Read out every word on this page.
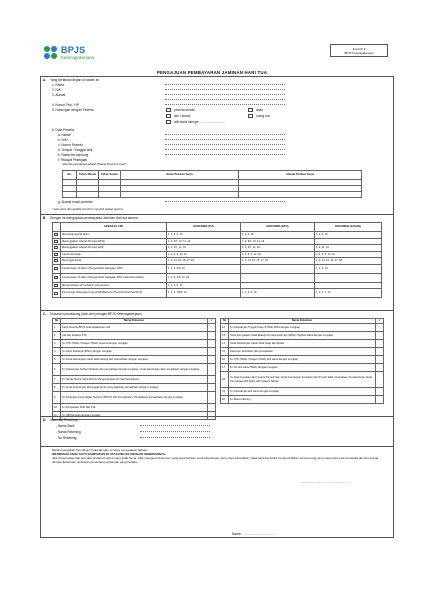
BPJS
Ketenagakerjaan
Formulir 5
BPJS Ketenagakerjaan
PENGAJUAN PEMBAYARAN JAMINAN HARI TUA
A. Yang bertanda tangan di bawah ini
1. Nama
2. NIK
3. Alamat
4. Nomor Telp / HP
5. Hubungan dengan Peserta	peserta sendiri
istri / suami
ahli waris lainnya : ...........................
anak
orang tua
6. Data Peserta
a. Nama*
b. NIK*
c. Nomor Peserta
d. Tempat / Tanggal lahir
e. Nama ibu kandung
f. Riwayat Pekerjaan
(diisi bila perusahaan adalah Pekerja Penerima Upah)
No.	Tahun Masuk	Tahun Keluar	Nama Pemberi Kerja	Alamat Pemberi Kerja

g. Alamat email peserton
* Isian perlu diisi apabila pemohon merubah adalah peserta
B. Dengan ini mengajukan pembayaran Jaminan Hari tua karena :
	SEBAB KLAIM	DOKUMEN (PU)	DOKUMEN (BPU)	DOKUMEN (JAKON)

	Mencapai usia 56 tahun	1, 2, 3, 6, 10	1, 2, 3, 10	1, 2, 3, 10

	Meninggalkan wilayah RI (bagi WNA)	1, 2, 3/7, 10, 11, 16	1, 2, 3/7, 10, 11, 16	

	Meninggalkan wilayah RI (bagi WNI)	1, 2, 3/7, 11, 16	1, 2, 3/7, 11, 16	1, 2, 11, 16

	Cacat total tetap	1, 2, 3, 5, 12, 16	1, 2, 3, 5, 12, 16	1, 2, 3, 5, 12, 16

	Meninggal dunia	1, 3, 14, 15, 16, 17, 18	1, 3, 14, 15, 16, 17, 18	1, 3, 14, 15, 16, 17, 18

	Kepesertaan 10 tahun (Pengambilan Sebagian 10%)	1, 2, 3, 4/5, 10		1, 2, 3, 10

	Kepesertaan 10 tahun (Pengambilan Sebagian 30% untuk Perumahan)	1, 2, 3, 4/5, 13, 18		-

	Mengundurkan diri sebelum usia pensiun	1, 2, 3, 5, 10		

	Pemutusan Hubungan Kerja (PHK)/Berhenti (Pensiun Dini/Usia 56 th)	1, 2, 3, 7/8/9, 10	1, 2, 3, 8, 10	1, 2, 3, 7, 10
C. Dokumen pendukung (diisi oleh petugas BPJS Ketenagakerjaan) :
No	Nama Dokumen	√
1	Kartu Peserta BPJS Ketenagakerjaan asli	
2	Asli dan fotokopi KTP	
3	Kt. KTP (WNA) / Paspor (WNA) peserta dengan Lengkap	
4	Kt. Kartu Keluarga (WNA) dengan Lengkap	
5	Kt. Surat keterangan masih aktif bekerja dari perusahaan dengan Lengkap	
6	Kt. Keterangan berhenti bekerja dari perusahaan dengan Lengkap / surat keterangan dari perusahaan dengan Lengkap	
7	Kt. Tanda Terima Surat Mohon Mengundurkan Diri dari Perusahaan	
8	Kt. Surat Keterangan Meninggal Dunia yang disahkan perusahaan dengan Lengkap	
9	Kt. Perjanjian Kerja Waktu Tertentu (PKWT) dari Perusahaan / Pendaftaran Perusahaan dengan Lengkap	
10	Kt. Pernyataan PHK dari PHI	
11	Kt. OB Pemisah dengan Lengkap	
No	Nama Dokumen	√
12	Kt. Keterangan Tinggal Tetap (KITAS) WNA dengan Lengkap	
13	Surat Pernyataan Tidak Bekerja Di Indonesia Lagi (WNA)/ Tagihan Bank dengan Lengkap	
14	Surat Keterangan Cacat Total Tetap dari Dokter	
15	Dokumen tambahan dari perusahaan	
16	Kt. KTP (WNA) / Paspor (WNA) ahli waris dengan Lengkap	
17	Kt. KK ahli waris (WNA) dengan Lengkap	
18	Kt. Akta Kematian dari Instansi Pemerintah, Surat Keterangan Kematian dari Rumah Sakit / Kelurahan / Kepala Desa, Surat Pernyataan Ahli Waris dari Instansi Terkait	
19	Kt. Keterangan ahli waris dengan Lengkap	
20	Kt. Buku rekening	
D. Informasi Rekening
- Nama Bank
- Nama Rekening
- No Rekening
Melalui pengisian formulir ini maka dengan ini saya menyatakan bahwa:
INFORMASI YANG SAYA SAMPAIKAN DI ATAS DIBUAT DENGAN SEBENARNYA.
Jika di kemudian hari ternyata terdapat hal-hal yang tidak benar, baik mengenai dokumen yang saya berikan serta keterangan yang saya sampaikan maka saya bersedia mengembalikan semua uang yang saya terima dan bersedia dituntut sesuai dengan ketentuan peraturan perundang-undangan yang berlaku.
......................, ...............................
Nama : ....................................
